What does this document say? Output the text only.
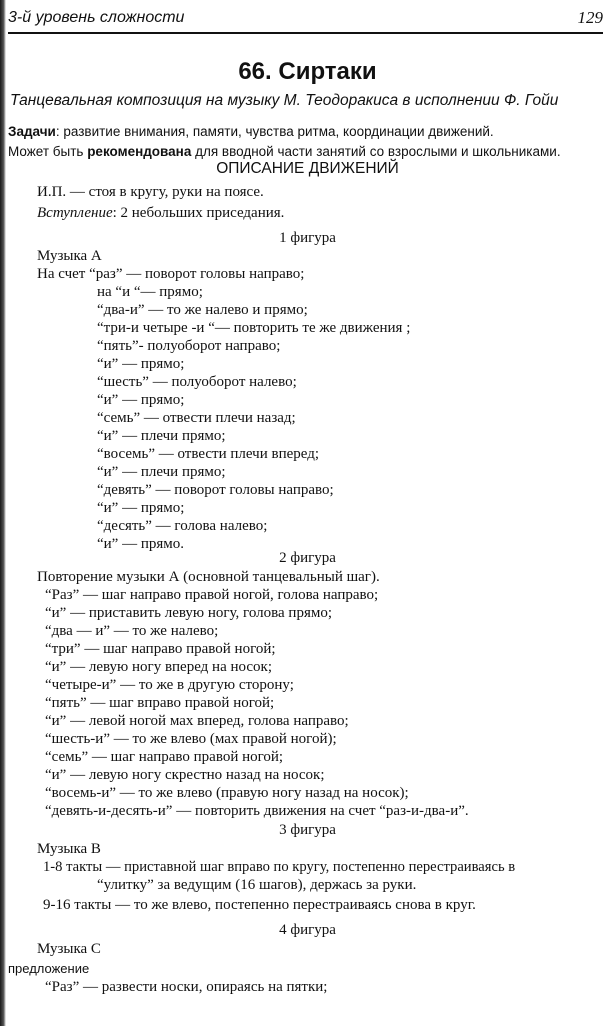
3-й уровень сложности	129
66. Сиртаки
Танцевальная композиция на музыку М. Теодоракиса в исполнении Ф. Гойи
Задачи: развитие внимания, памяти, чувства ритма, координации движений.
Может быть рекомендована для вводной части занятий со взрослыми и школьниками.
ОПИСАНИЕ ДВИЖЕНИЙ
И.П. — стоя в кругу, руки на поясе.
Вступление: 2 небольших приседания.
1 фигура
Музыка А
На счет “раз” — поворот головы направо;
на “и “— прямо;
“два-и” — то же налево и прямо;
“три-и четыре -и “— повторить те же движения ;
“пять”- полуоборот направо;
“и” — прямо;
“шесть” — полуоборот налево;
“и” — прямо;
“семь” — отвести плечи назад;
“и” — плечи прямо;
“восемь” — отвести плечи вперед;
“и” — плечи прямо;
“девять” — поворот головы направо;
“и” — прямо;
“десять” — голова налево;
“и” — прямо.
2 фигура
Повторение музыки А (основной танцевальный шаг).
“Раз” — шаг направо правой ногой, голова направо;
“и” — приставить левую ногу, голова прямо;
“два — и” — то же налево;
“три” — шаг направо правой ногой;
“и” — левую ногу вперед на носок;
“четыре-и” — то же в другую сторону;
“пять” — шаг вправо правой ногой;
“и” — левой ногой мах вперед, голова направо;
“шесть-и” — то же влево (мах правой ногой);
“семь” — шаг направо правой ногой;
“и” — левую ногу скрестно назад на носок;
“восемь-и” — то же влево (правую ногу назад на носок);
“девять-и-десять-и” — повторить движения на счет “раз-и-два-и”.
3 фигура
Музыка В
1-8 такты — приставной шаг вправо по кругу, постепенно перестраиваясь в
“улитку” за ведущим (16 шагов), держась за руки.
9-16 такты — то же влево, постепенно перестраиваясь снова в круг.
4 фигура
Музыка С
предложение
“Раз” — развести носки, опираясь на пятки;
